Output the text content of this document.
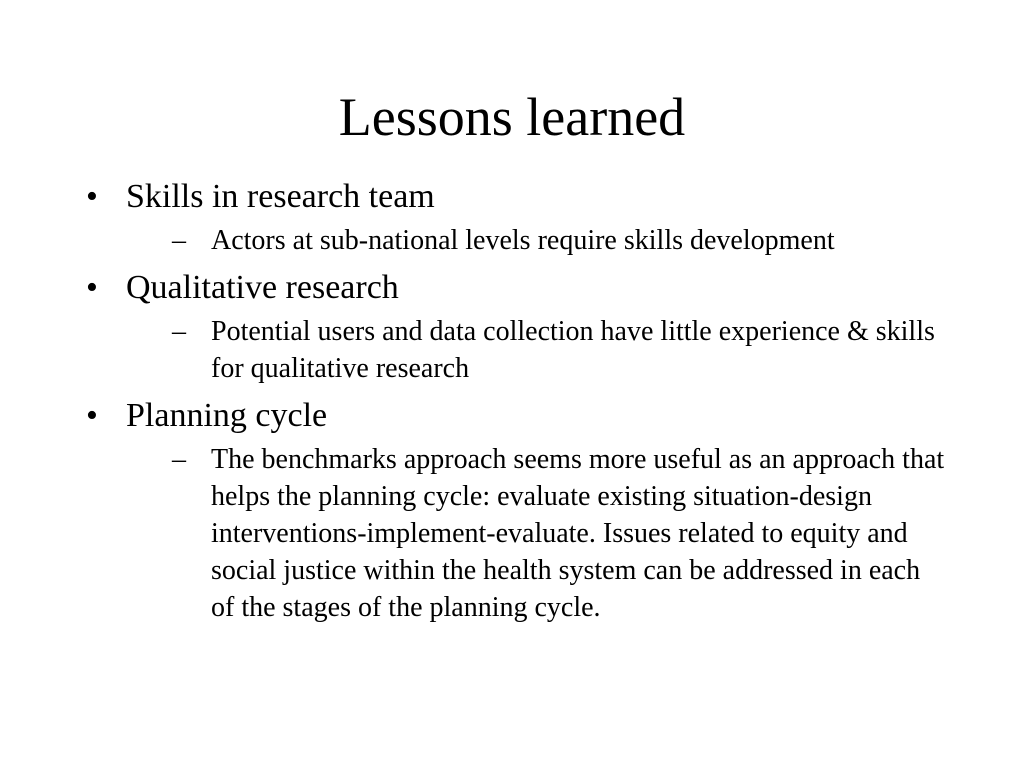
Lessons learned
• Skills in research team
– Actors at sub-national levels require skills development
• Qualitative research
– Potential users and data collection have little experience & skills for qualitative research
• Planning cycle
– The benchmarks approach seems more useful as an approach that helps the planning cycle: evaluate existing situation-design interventions-implement-evaluate. Issues related to equity and social justice within the health system can be addressed in each of the stages of the planning cycle.
